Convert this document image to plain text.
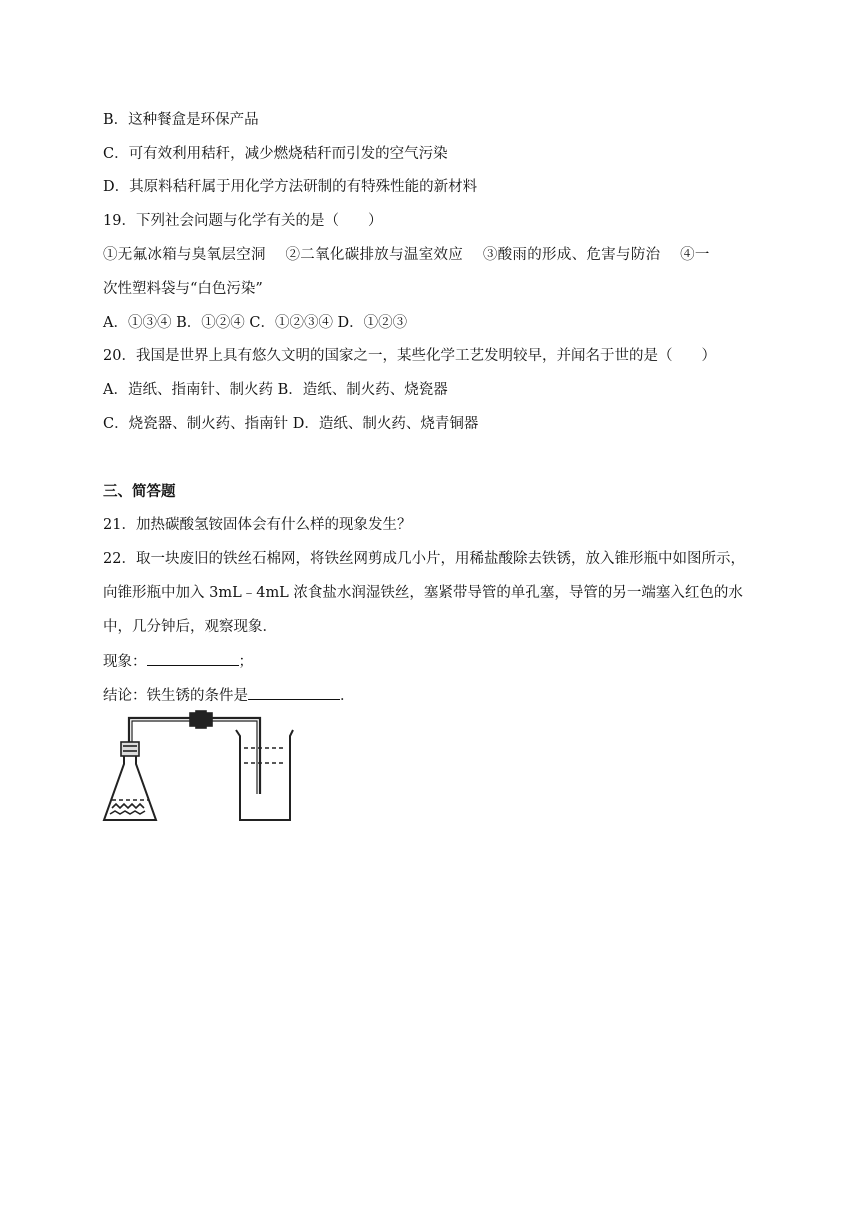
B．这种餐盒是环保产品
C．可有效利用秸秆，减少燃烧秸秆而引发的空气污染
D．其原料秸秆属于用化学方法研制的有特殊性能的新材料
19．下列社会问题与化学有关的是（　　）
①无氟冰箱与臭氧层空洞　 ②二氧化碳排放与温室效应　 ③酸雨的形成、危害与防治　 ④一
次性塑料袋与“白色污染”
A．①③④ B．①②④ C．①②③④ D．①②③
20．我国是世界上具有悠久文明的国家之一，某些化学工艺发明较早，并闻名于世的是（　　）
A．造纸、指南针、制火药 B．造纸、制火药、烧瓷器
C．烧瓷器、制火药、指南针 D．造纸、制火药、烧青铜器
三、简答题
21．加热碳酸氢铵固体会有什么样的现象发生？
22．取一块废旧的铁丝石棉网，将铁丝网剪成几小片，用稀盐酸除去铁锈，放入锥形瓶中如图所示，
向锥形瓶中加入 3mL﹣4mL 浓食盐水润湿铁丝，塞紧带导管的单孔塞，导管的另一端塞入红色的水
中，几分钟后，观察现象．
现象：	；
结论：铁生锈的条件是	．
